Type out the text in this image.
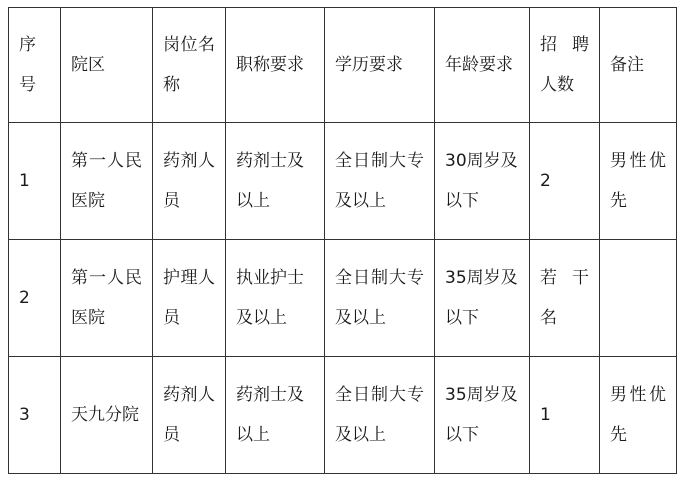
序号	院区	岗位名称	职称要求	学历要求	年龄要求	招聘人数	备注

1	第一人民医院	药剂人员	药剂士及以上	全日制大专及以上	30周岁及以下	2	男性优先

2	第一人民医院	护理人员	执业护士及以上	全日制大专及以上	35周岁及以下	若干名	

3	天九分院	药剂人员	药剂士及以上	全日制大专及以上	35周岁及以下	1	男性优先
